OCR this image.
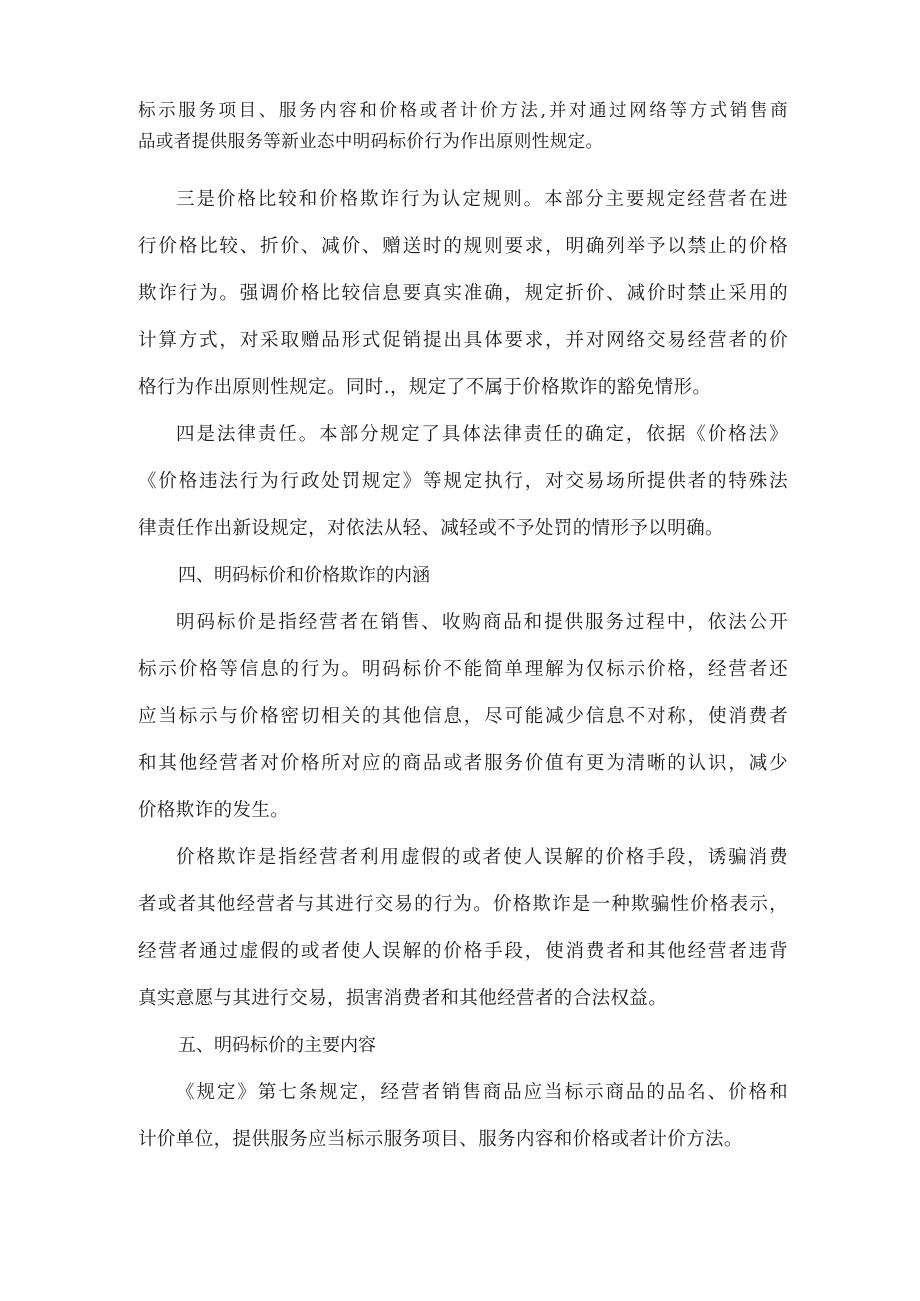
标示服务项目、服务内容和价格或者计价方法,并对通过网络等方式销售商
品或者提供服务等新业态中明码标价行为作出原则性规定。
三是价格比较和价格欺诈行为认定规则。本部分主要规定经营者在进
行价格比较、折价、减价、赠送时的规则要求，明确列举予以禁止的价格
欺诈行为。强调价格比较信息要真实准确，规定折价、减价时禁止采用的
计算方式，对采取赠品形式促销提出具体要求，并对网络交易经营者的价
格行为作出原则性规定。同时.，规定了不属于价格欺诈的豁免情形。
四是法律责任。本部分规定了具体法律责任的确定，依据《价格法》
《价格违法行为行政处罚规定》等规定执行，对交易场所提供者的特殊法
律责任作出新设规定，对依法从轻、减轻或不予处罚的情形予以明确。
四、明码标价和价格欺诈的内涵
明码标价是指经营者在销售、收购商品和提供服务过程中，依法公开
标示价格等信息的行为。明码标价不能简单理解为仅标示价格，经营者还
应当标示与价格密切相关的其他信息，尽可能减少信息不对称，使消费者
和其他经营者对价格所对应的商品或者服务价值有更为清晰的认识，减少
价格欺诈的发生。
价格欺诈是指经营者利用虚假的或者使人误解的价格手段，诱骗消费
者或者其他经营者与其进行交易的行为。价格欺诈是一种欺骗性价格表示，
经营者通过虚假的或者使人误解的价格手段，使消费者和其他经营者违背
真实意愿与其进行交易，损害消费者和其他经营者的合法权益。
五、明码标价的主要内容
《规定》第七条规定，经营者销售商品应当标示商品的品名、价格和
计价单位，提供服务应当标示服务项目、服务内容和价格或者计价方法。
